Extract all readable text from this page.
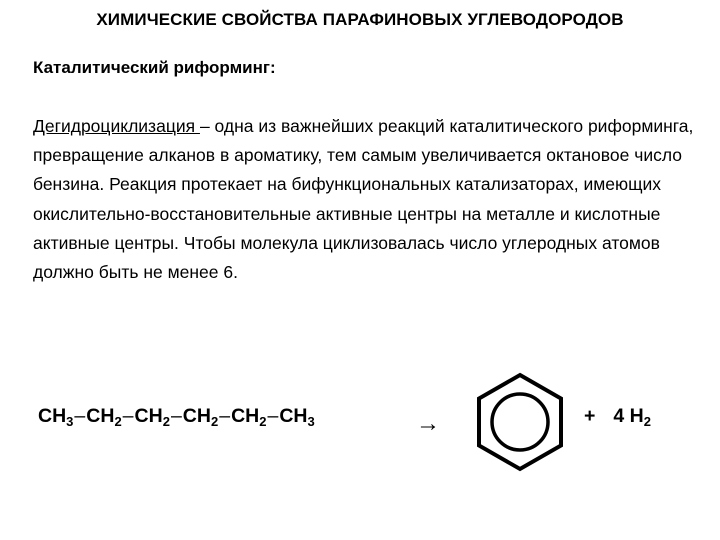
ХИМИЧЕСКИЕ СВОЙСТВА ПАРАФИНОВЫХ УГЛЕВОДОРОДОВ
Каталитический риформинг:

Дегидроциклизация – одна из важнейших реакций каталитического риформинга, превращение алканов в ароматику, тем самым увеличивается октановое число бензина. Реакция протекает на бифункциональных катализаторах, имеющих окислительно-восстановительные активные центры на металле и кислотные активные центры. Чтобы молекула циклизовалась число углеродных атомов должно быть не менее 6.

$CH_3-CH_2-CH_2-CH_2-CH_2-CH_3$	→	+ 4 $H_2$
